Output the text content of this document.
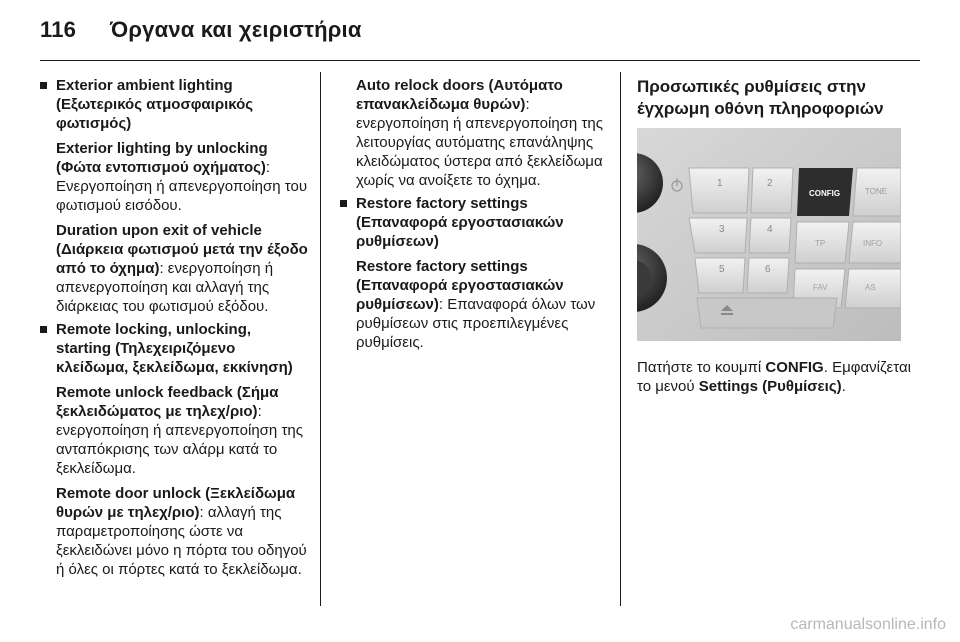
116 Όργανα και χειριστήρια
Exterior ambient lighting (Εξωτερικός ατμοσφαιρικός φωτισμός)
Exterior lighting by unlocking (Φώτα εντοπισμού οχήματος): Ενεργοποίηση ή απενεργοποίηση του φωτισμού εισόδου.
Duration upon exit of vehicle (Διάρκεια φωτισμού μετά την έξοδο από το όχημα): ενεργοποίηση ή απενεργοποίηση και αλλαγή της διάρκειας του φωτισμού εξόδου.
Remote locking, unlocking, starting (Τηλεχειριζόμενο κλείδωμα, ξεκλείδωμα, εκκίνηση)
Remote unlock feedback (Σήμα ξεκλειδώματος με τηλεχ/ριο): ενεργοποίηση ή απενεργοποίηση της ανταπόκρισης των αλάρμ κατά το ξεκλείδωμα.
Remote door unlock (Ξεκλείδωμα θυρών με τηλεχ/ριο): αλλαγή της παραμετροποίησης ώστε να ξεκλειδώνει μόνο η πόρτα του οδηγού ή όλες οι πόρτες κατά το ξεκλείδωμα.
Auto relock doors (Αυτόματο επανακλείδωμα θυρών): ενεργοποίηση ή απενεργοποίηση της λειτουργίας αυτόματης επανάληψης κλειδώματος ύστερα από ξεκλείδωμα χωρίς να ανοίξετε το όχημα.
Restore factory settings (Επαναφορά εργοστασιακών ρυθμίσεων)
Restore factory settings (Επαναφορά εργοστασιακών ρυθμίσεων): Επαναφορά όλων των ρυθμίσεων στις προεπιλεγμένες ρυθμίσεις.
Προσωπικές ρυθμίσεις στην έγχρωμη οθόνη πληροφοριών
1	2
3	4
5	6
CONFIG	TONE
TP	INFO
FAV	AS
Πατήστε το κουμπί CONFIG. Εμφανίζεται το μενού Settings (Ρυθμίσεις).
carmanualsonline.info
